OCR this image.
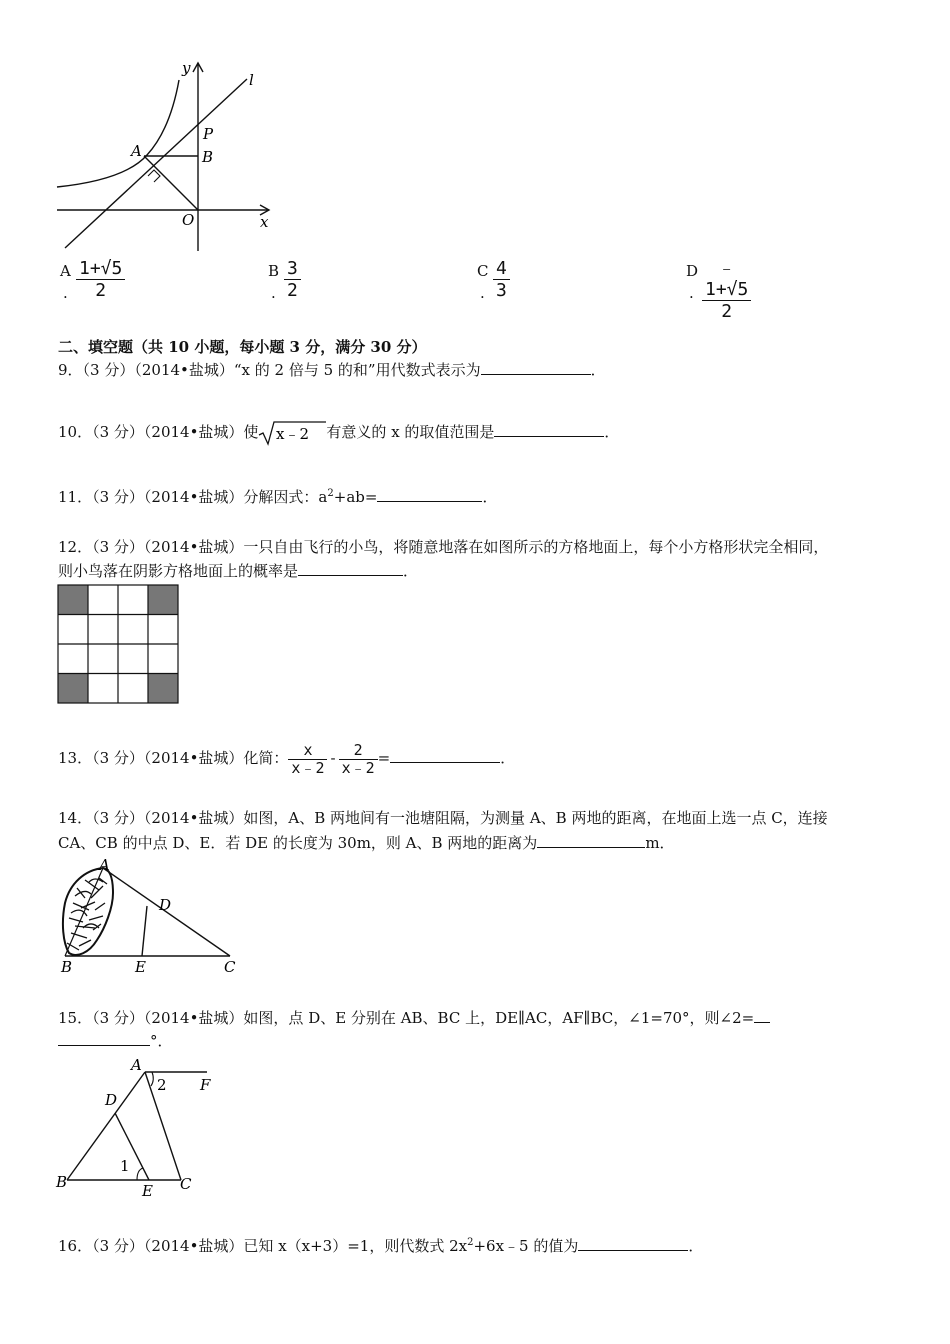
y
l
P
A	B
O	x
A
. $\frac{1+√5}{2}$	B
. $\frac{3}{2}$	C
. $\frac{4}{3}$	D
. $\frac{﹣1+√5}{2}$
二、填空题（共 10 小题，每小题 3 分，满分 30 分）
9．（3 分）（2014•盐城）“x 的 2 倍与 5 的和”用代数式表示为	．
10．（3 分）（2014•盐城）使 x﹣2 有意义的 x 的取值范围是	．
11．（3 分）（2014•盐城）分解因式：$a^2+ab=$	．
12．（3 分）（2014•盐城）一只自由飞行的小鸟，将随意地落在如图所示的方格地面上，每个小方格形状完全相同，
则小鸟落在阴影方格地面上的概率是	．
13．（3 分）（2014•盐城）化简： $\frac{x}{x﹣2} - \frac{2}{x﹣2}$ =	．
14．（3 分）（2014•盐城）如图，A、B 两地间有一池塘阻隔，为测量 A、B 两地的距离，在地面上选一点 C，连接
CA、CB 的中点 D、E．若 DE 的长度为 30m，则 A、B 两地的距离为	m．
A
D
B	E	C
15．（3 分）（2014•盐城）如图，点 D、E 分别在 AB、BC 上，DE∥AC，AF∥BC，∠1=70°，则∠2=
°．
A
F
2
D
1
B	E C
16．（3 分）（2014•盐城）已知 x（x+3）=1，则代数式 $2x^2+6x﹣5$ 的值为	．
